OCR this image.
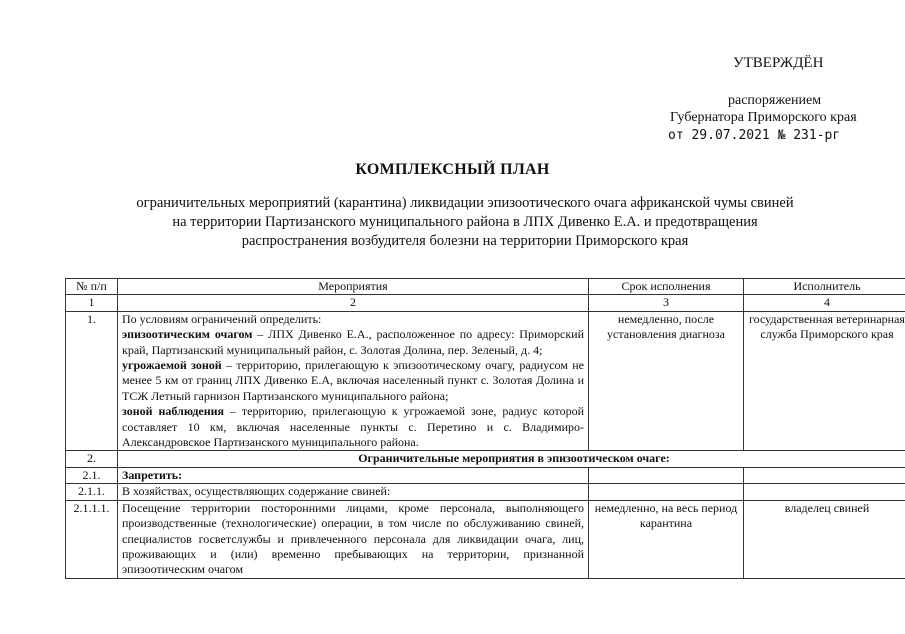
УТВЕРЖДЁН
распоряжением
Губернатора Приморского края
от 29.07.2021 № 231-рг
КОМПЛЕКСНЫЙ ПЛАН
ограничительных мероприятий (карантина) ликвидации эпизоотического очага африканской чумы свиней
на территории Партизанского муниципального района в ЛПХ Дивенко Е.А. и предотвращения
распространения возбудителя болезни на территории Приморского края
№ п/п	Мероприятия	Срок исполнения	Исполнитель
1	2	3	4
1.	По условиям ограничений определить:
эпизоотическим очагом – ЛПХ Дивенко Е.А., расположенное по адресу: Приморский край, Партизанский муниципальный район, с. Золотая Долина, пер. Зеленый, д. 4;
угрожаемой зоной – территорию, прилегающую к эпизоотическому очагу, радиусом не менее 5 км от границ ЛПХ Дивенко Е.А, включая населенный пункт с. Золотая Долина и ТСЖ Летный гарнизон Партизанского муниципального района;
зоной наблюдения – территорию, прилегающую к угрожаемой зоне, радиус которой составляет 10 км, включая населенные пункты с. Перетино и с. Владимиро-Александровское Партизанского муниципального района.	немедленно, после установления диагноза	государственная ветеринарная служба Приморского края
2.	Ограничительные мероприятия в эпизоотическом очаге:		
2.1.	Запретить:		
2.1.1.	В хозяйствах, осуществляющих содержание свиней:		
2.1.1.1.	Посещение территории посторонними лицами, кроме персонала, выполняющего производственные (технологические) операции, в том числе по обслуживанию свиней, специалистов госветслужбы и привлеченного персонала для ликвидации очага, лиц, проживающих и (или) временно пребывающих на территории, признанной эпизоотическим очагом	немедленно, на весь период карантина	владелец свиней
